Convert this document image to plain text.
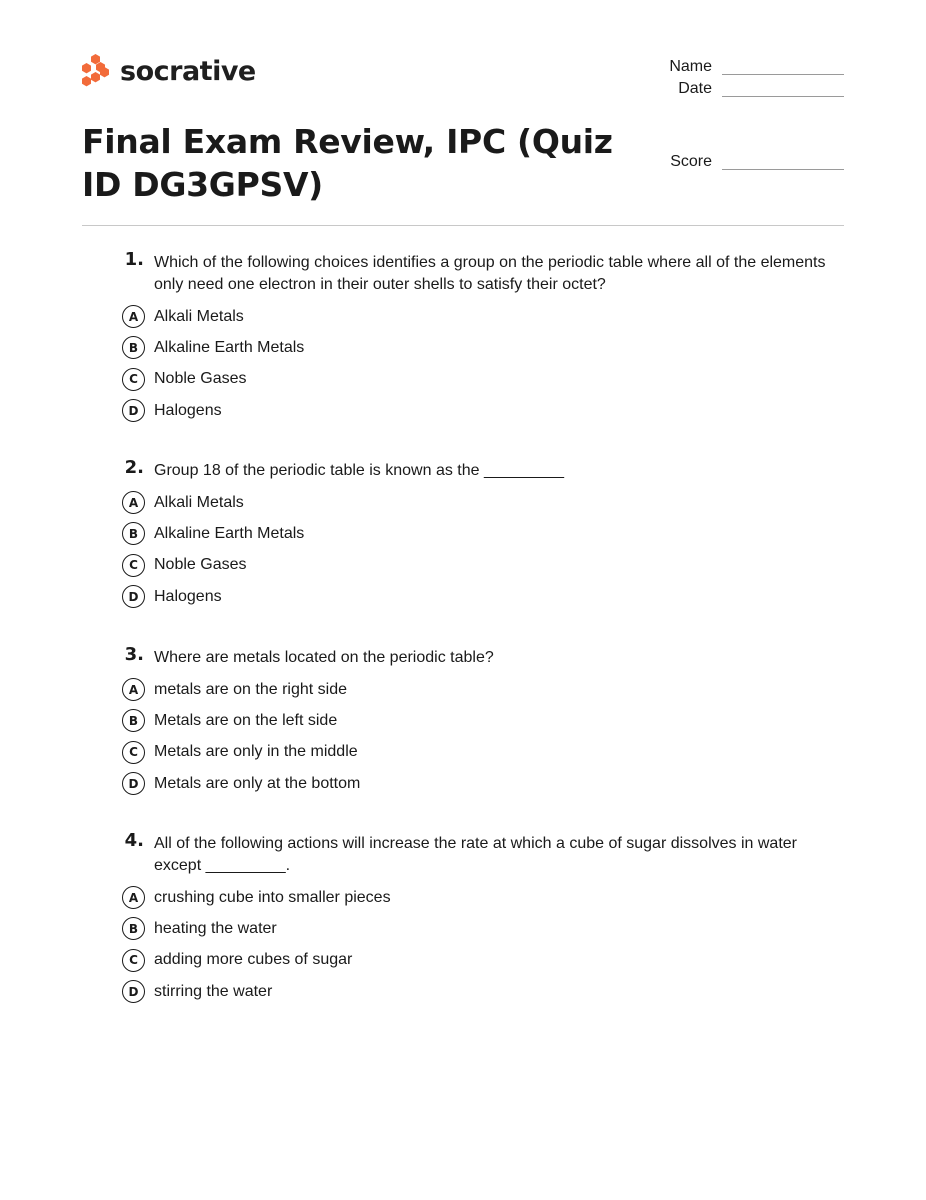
socrative	Name
Date
Score
Final Exam Review, IPC (Quiz ID DG3GPSV)
1. Which of the following choices identifies a group on the periodic table where all of the elements only need one electron in their outer shells to satisfy their octet?
A Alkali Metals
B Alkaline Earth Metals
C	Noble Gases
D Halogens
2. Group 18 of the periodic table is known as the _________
A Alkali Metals
B Alkaline Earth Metals
C	Noble Gases
D Halogens
3. Where are metals located on the periodic table?
A metals are on the right side
B Metals are on the left side
C	Metals are only in the middle
D Metals are only at the bottom
4. All of the following actions will increase the rate at which a cube of sugar dissolves in water except _________.
A crushing cube into smaller pieces
B heating the water
C	adding more cubes of sugar
D stirring the water
